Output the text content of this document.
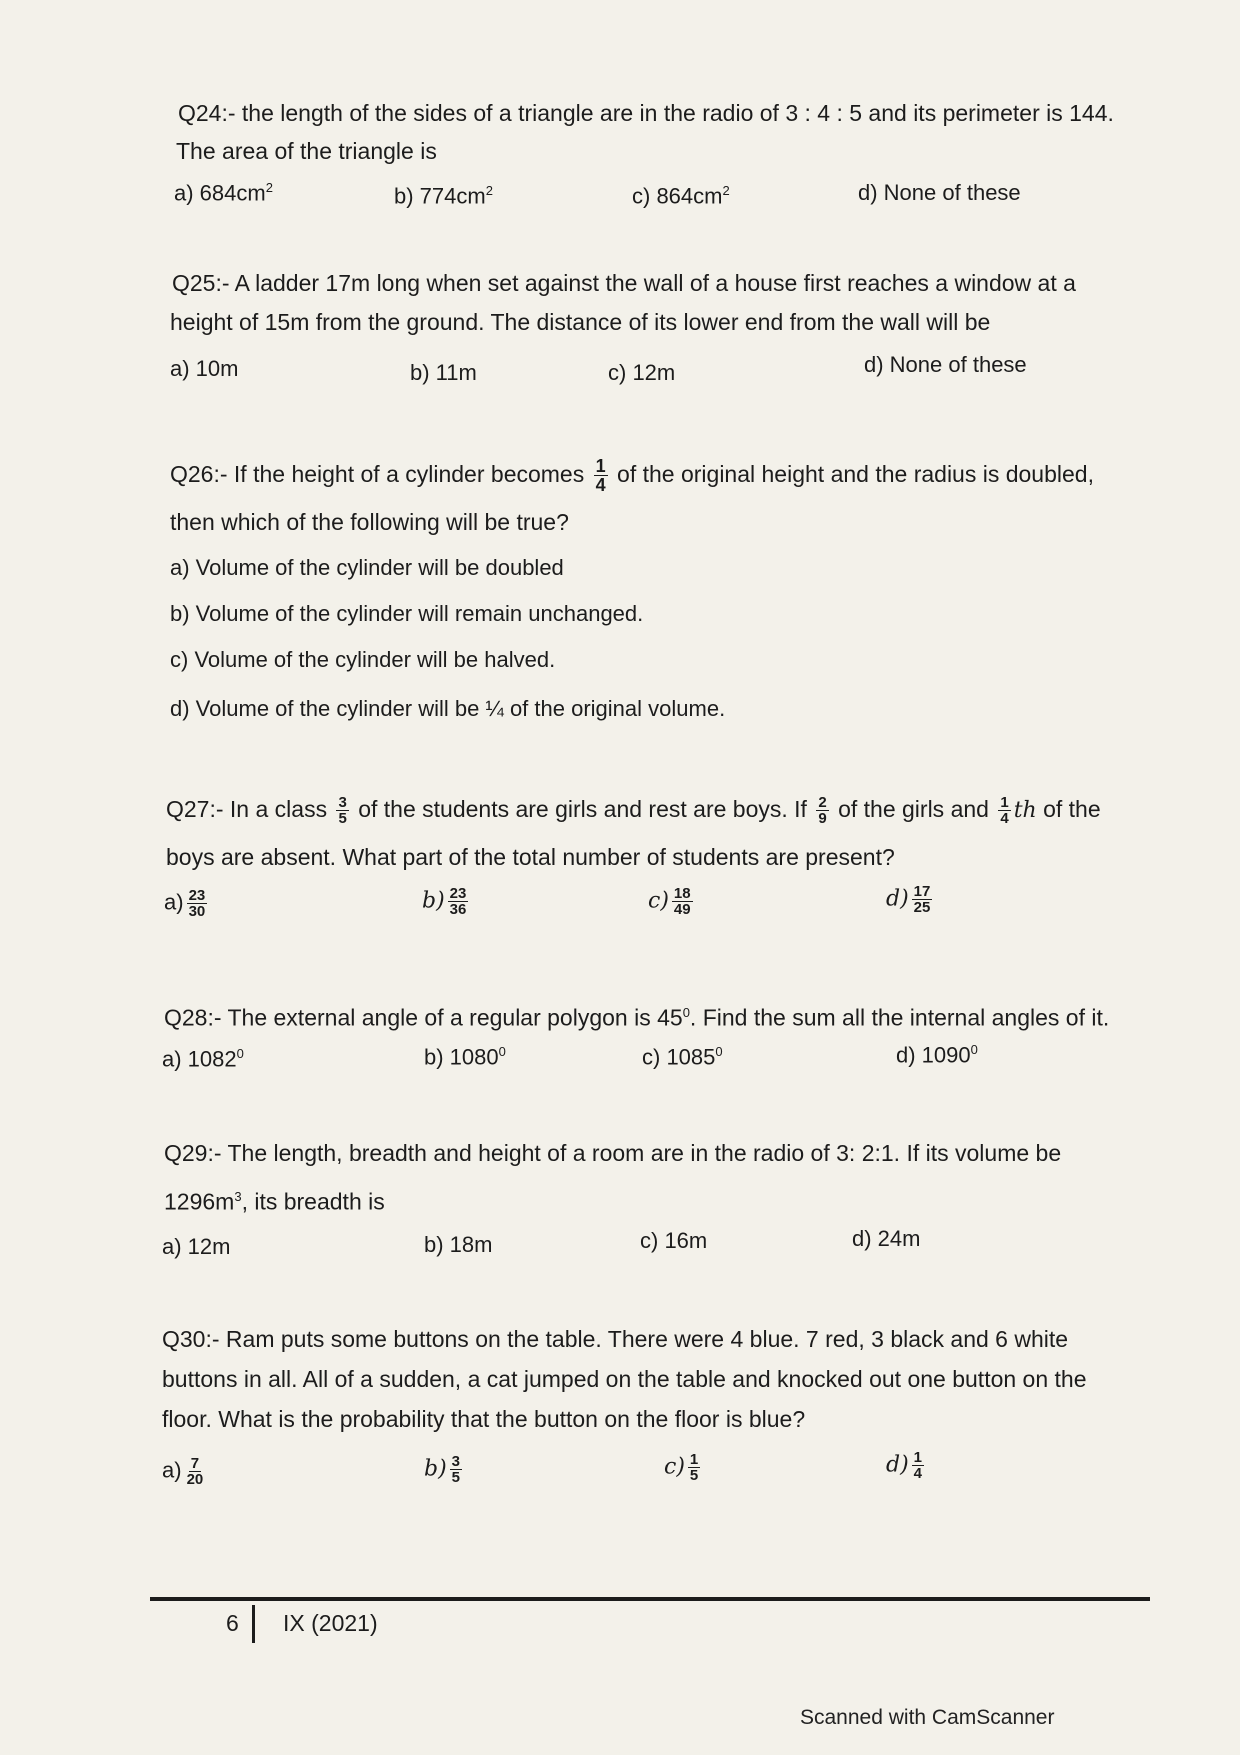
Q24:- the length of the sides of a triangle are in the radio of 3 : 4 : 5 and its perimeter is 144.
The area of the triangle is
a) $684cm^2$	b) $774cm^2$	c) $864cm^2$	d) None of these
Q25:- A ladder 17m long when set against the wall of a house first reaches a window at a
height of 15m from the ground. The distance of its lower end from the wall will be
a) 10m	b) 11m	c) 12m	d) None of these
Q26:- If the height of a cylinder becomes $\frac{1}{4}$ of the original height and the radius is doubled,
then which of the following will be true?
a) Volume of the cylinder will be doubled
b) Volume of the cylinder will remain unchanged.
c) Volume of the cylinder will be halved.
d) Volume of the cylinder will be ¼ of the original volume.
Q27:- In a class $\frac{3}{5}$ of the students are girls and rest are boys. If $\frac{2}{9}$ of the girls and $\frac{1}{4}$ th of the
boys are absent. What part of the total number of students are present?
$a) \frac{23}{30}$	$b) \frac{23}{36}$	$c) \frac{18}{49}$	$d) \frac{17}{25}$
Q28:- The external angle of a regular polygon is $45^0$. Find the sum all the internal angles of it.
a) 1082$^0$	b) 1080$^0$	c) 1085$^0$	d) 1090$^0$
Q29:- The length, breadth and height of a room are in the radio of 3: 2:1. If its volume be
$1296m^3$, its breadth is
a) 12m	b) 18m	c) 16m	d) 24m
Q30:- Ram puts some buttons on the table. There were 4 blue. 7 red, 3 black and 6 white
buttons in all. All of a sudden, a cat jumped on the table and knocked out one button on the
floor. What is the probability that the button on the floor is blue?
$a) \frac{7}{20}$	$b) \frac{3}{5}$	$c) \frac{1}{5}$	$d) \frac{1}{4}$
6 IX (2021)
Scanned with CamScanner
